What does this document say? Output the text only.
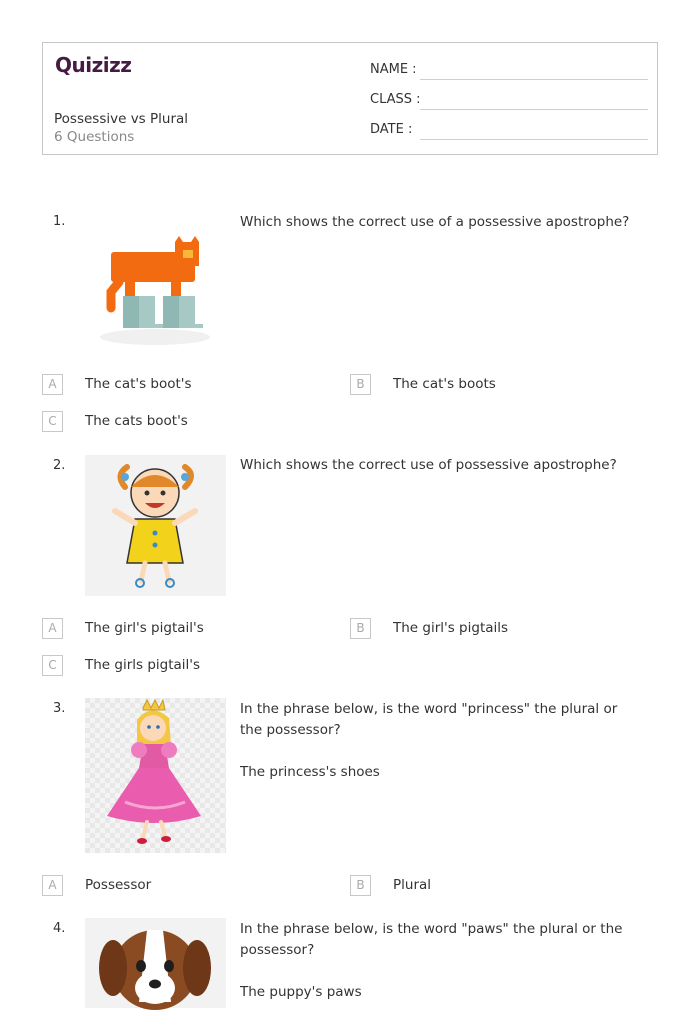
Quizizz
Possessive vs Plural
6 Questions
NAME :
CLASS :
DATE :
1.	Which shows the correct use of a possessive apostrophe?
A	The cat's boot's	B	The cat's boots
C	The cats boot's
2.	Which shows the correct use of possessive apostrophe?
A	The girl's pigtail's	B	The girl's pigtails
C	The girls pigtail's
3.	In the phrase below, is the word "princess" the plural or the possessor?

The princess's shoes

A	Possessor	B	Plural
4.	In the phrase below, is the word "paws" the plural or the possessor?

The puppy's paws
